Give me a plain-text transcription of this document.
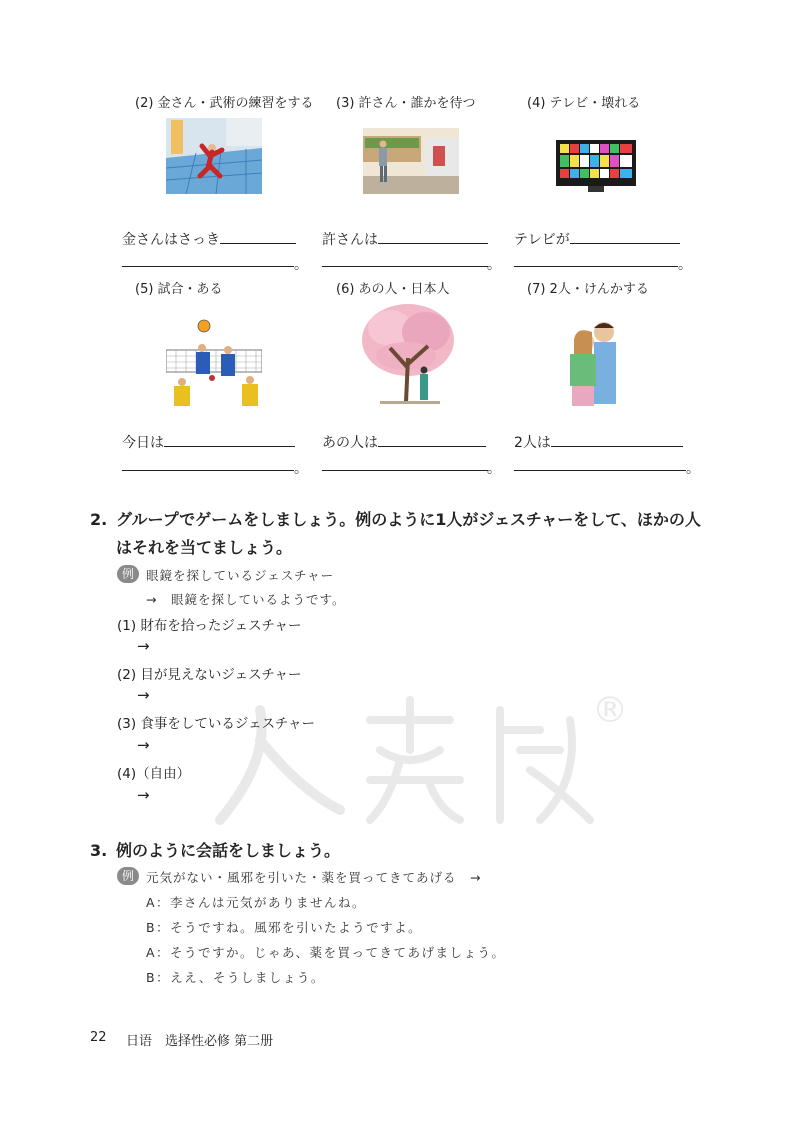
®
(2) 金さん・武術の練習をする (3) 許さん・誰かを待つ	(4) テレビ・壊れる
金さんはさっき
。
許さんは
。
テレビが
。
(5) 試合・ある	(6) あの人・日本人	(7) 2人・けんかする
今日は
。
あの人は
。
2人は
。
2. グループでゲームをしましょう。例のように1人がジェスチャーをして、ほかの人
はそれを当てましょう。
例 眼鏡を探しているジェスチャー
→　眼鏡を探しているようです。
(1) 財布を拾ったジェスチャー
→
(2) 目が見えないジェスチャー
→
(3) 食事をしているジェスチャー
→
(4)（自由）
→
3. 例のように会話をしましょう。
例 元気がない・風邪を引いた・薬を買ってきてあげる　→
A：李さんは元気がありませんね。
B：そうですね。風邪を引いたようですよ。
A：そうですか。じゃあ、薬を買ってきてあげましょう。
B：ええ、そうしましょう。
22 日语　选择性必修 第二册
